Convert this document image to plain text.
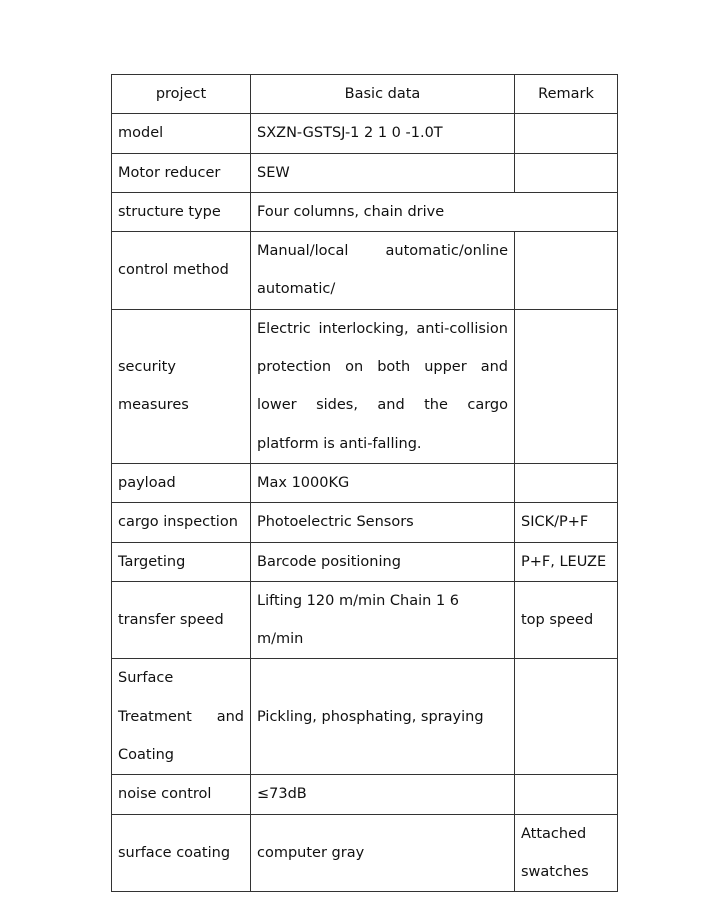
project	Basic data	Remark
model	SXZN-GSTSJ-1 2 1 0 -1.0T	
Motor reducer	SEW	
structure type	Four columns, chain drive	
control method	Manual/local automatic/online automatic/	
security measures	Electric interlocking, anti-collision protection on both upper and lower sides, and the cargo platform is anti-falling.	
payload	Max 1000KG	
cargo inspection	Photoelectric Sensors	SICK/P+F
Targeting	Barcode positioning	P+F, LEUZE
transfer speed	Lifting 120 m/min Chain 1 6 m/min	top speed
Surface Treatment and Coating	Pickling, phosphating, spraying	
noise control	≤73dB	
surface coating	computer gray	Attached swatches
